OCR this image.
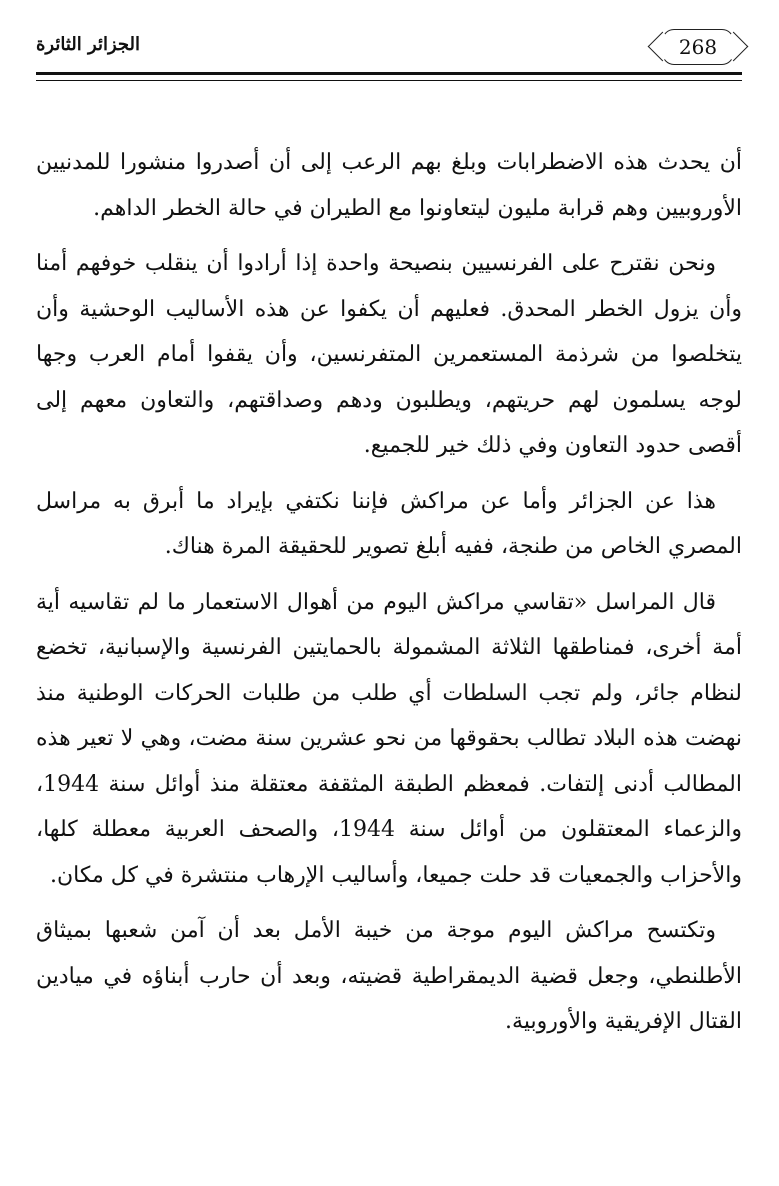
268
الجزائر الثائرة

أن يحدث هذه الاضطرابات وبلغ بهم الرعب إلى أن أصدروا منشورا للمدنيين الأوروبيين وهم قرابة مليون ليتعاونوا مع الطيران في حالة الخطر الداهم.

ونحن نقترح على الفرنسيين بنصيحة واحدة إذا أرادوا أن ينقلب خوفهم أمنا وأن يزول الخطر المحدق. فعليهم أن يكفوا عن هذه الأساليب الوحشية وأن يتخلصوا من شرذمة المستعمرين المتفرنسين، وأن يقفوا أمام العرب وجها لوجه يسلمون لهم حريتهم، ويطلبون ودهم وصداقتهم، والتعاون معهم إلى أقصى حدود التعاون وفي ذلك خير للجميع.

هذا عن الجزائر وأما عن مراكش فإننا نكتفي بإيراد ما أبرق به مراسل المصري الخاص من طنجة، ففيه أبلغ تصوير للحقيقة المرة هناك.

قال المراسل «تقاسي مراكش اليوم من أهوال الاستعمار ما لم تقاسيه أية أمة أخرى، فمناطقها الثلاثة المشمولة بالحمايتين الفرنسية والإسبانية، تخضع لنظام جائر، ولم تجب السلطات أي طلب من طلبات الحركات الوطنية منذ نهضت هذه البلاد تطالب بحقوقها من نحو عشرين سنة مضت، وهي لا تعير هذه المطالب أدنى إلتفات. فمعظم الطبقة المثقفة معتقلة منذ أوائل سنة 1944، والزعماء المعتقلون من أوائل سنة 1944، والصحف العربية معطلة كلها، والأحزاب والجمعيات قد حلت جميعا، وأساليب الإرهاب منتشرة في كل مكان.

وتكتسح مراكش اليوم موجة من خيبة الأمل بعد أن آمن شعبها بميثاق الأطلنطي، وجعل قضية الديمقراطية قضيته، وبعد أن حارب أبناؤه في ميادين القتال الإفريقية والأوروبية.
